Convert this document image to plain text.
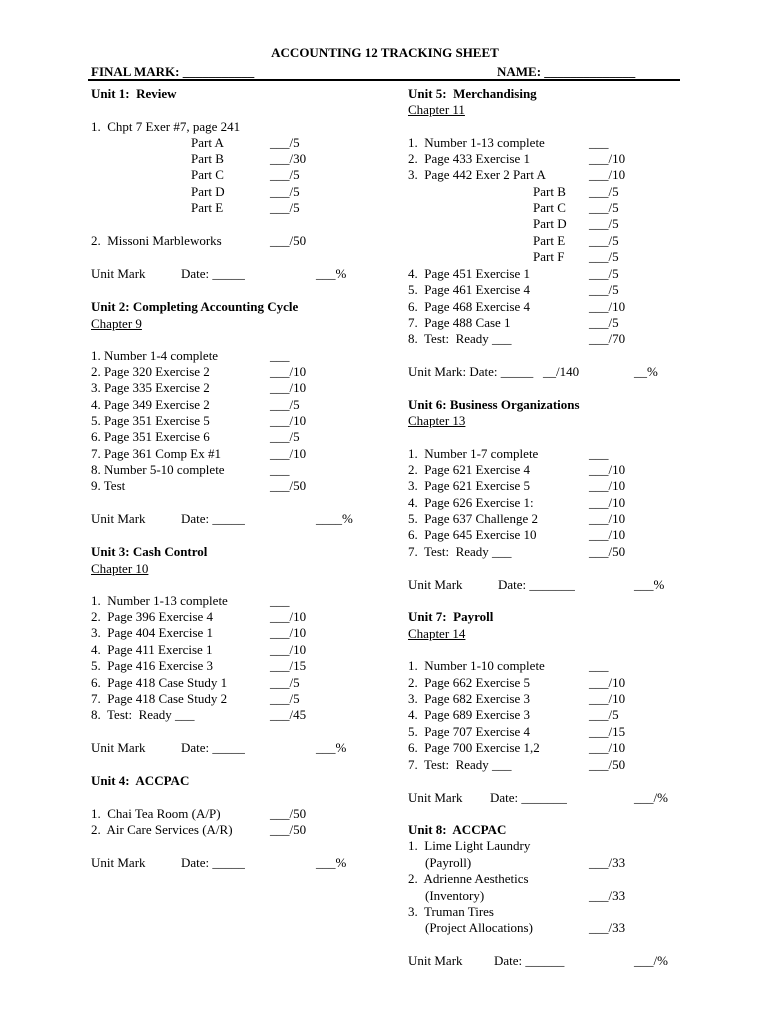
ACCOUNTING 12 TRACKING SHEET
FINAL MARK: ___________	NAME: ______________
Unit 1:  Review
1.  Chpt 7 Exer #7, page 241
Part A	___/5
Part B	___/30
Part C	___/5
Part D	___/5
Part E	___/5
2.  Missoni Marbleworks	___/50
Unit Mark	Date: _____	___%
Unit 2: Completing Accounting Cycle
Chapter 9
1. Number 1-4 complete	___
2. Page 320 Exercise 2	___/10
3. Page 335 Exercise 2	___/10
4. Page 349 Exercise 2	___/5
5. Page 351 Exercise 5	___/10
6. Page 351 Exercise 6	___/5
7. Page 361 Comp Ex #1	___/10
8. Number 5-10 complete	___
9. Test	___/50
Unit Mark	Date: _____	____%
Unit 3: Cash Control
Chapter 10
1.  Number 1-13 complete	___
2.  Page 396 Exercise 4	___/10
3.  Page 404 Exercise 1	___/10
4.  Page 411 Exercise 1	___/10
5.  Page 416 Exercise 3	___/15
6.  Page 418 Case Study 1	___/5
7.  Page 418 Case Study 2	___/5
8.  Test:  Ready ___	___/45
Unit Mark	Date: _____	___%
Unit 4:  ACCPAC
1.  Chai Tea Room (A/P)	___/50
2.  Air Care Services (A/R)	___/50
Unit Mark	Date: _____	___%
Unit 5:  Merchandising
Chapter 11
1.  Number 1-13 complete	___
2.  Page 433 Exercise 1	___/10
3.  Page 442 Exer 2 Part A	___/10
Part B ___/5
Part C ___/5
Part D ___/5
Part E ___/5
Part F ___/5
4.  Page 451 Exercise 1	___/5
5.  Page 461 Exercise 4	___/5
6.  Page 468 Exercise 4	___/10
7.  Page 488 Case 1	___/5
8.  Test:  Ready ___	___/70
Unit Mark: Date: _____   __/140	__%
Unit 6: Business Organizations
Chapter 13
1.  Number 1-7 complete	___
2.  Page 621 Exercise 4	___/10
3.  Page 621 Exercise 5	___/10
4.  Page 626 Exercise 1:	___/10
5.  Page 637 Challenge 2	___/10
6.  Page 645 Exercise 10	___/10
7.  Test:  Ready ___	___/50
Unit Mark	Date: _______	___%
Unit 7:  Payroll
Chapter 14
1.  Number 1-10 complete	___
2.  Page 662 Exercise 5	___/10
3.  Page 682 Exercise 3	___/10
4.  Page 689 Exercise 3	___/5
5.  Page 707 Exercise 4	___/15
6.  Page 700 Exercise 1,2	___/10
7.  Test:  Ready ___	___/50
Unit Mark Date: _______	___/%
Unit 8:  ACCPAC
1.  Lime Light Laundry
(Payroll)	___/33
2.  Adrienne Aesthetics
(Inventory)	___/33
3.  Truman Tires
(Project Allocations)	___/33
Unit Mark Date: ______	___/%
